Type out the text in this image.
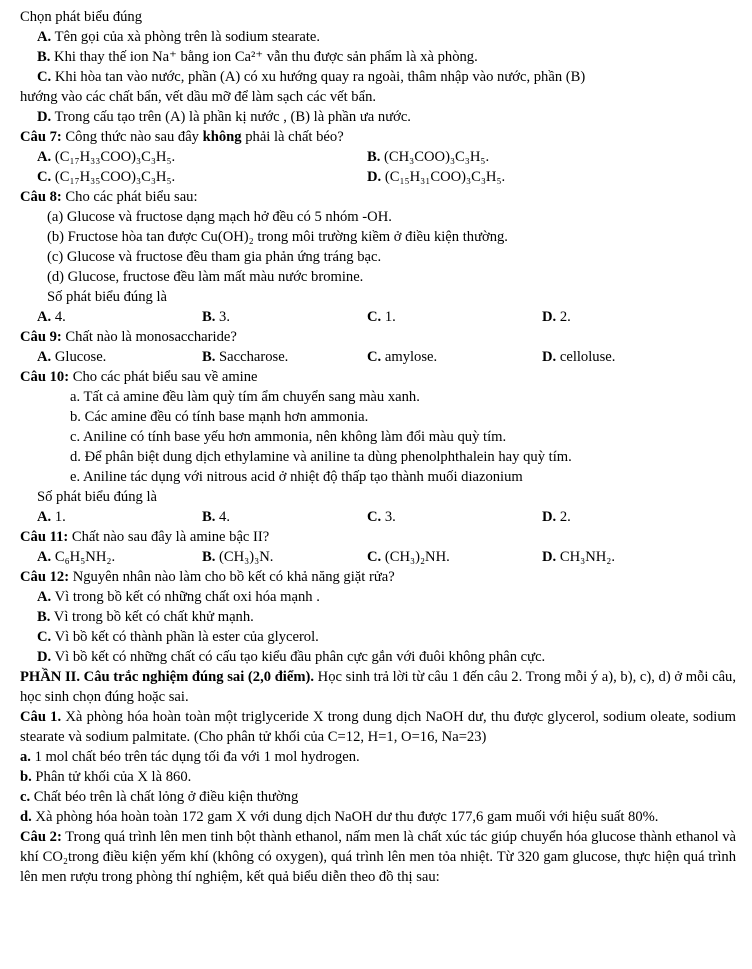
Chọn phát biểu đúng
A. Tên gọi của xà phòng trên là sodium stearate.
B. Khi thay thế ion Na⁺ bằng ion Ca²⁺ vẫn thu được sản phẩm là xà phòng.
C. Khi hòa tan vào nước, phần (A) có xu hướng quay ra ngoài, thâm nhập vào nước, phần (B)
hướng vào các chất bẩn, vết dầu mỡ để làm sạch các vết bẩn.
D. Trong cấu tạo trên (A) là phần kị nước , (B) là phần ưa nước.
Câu 7: Công thức nào sau đây không phải là chất béo?
A. (C₁₇H₃₃COO)₃C₃H₅.	B. (CH₃COO)₃C₃H₅.
C. (C₁₇H₃₅COO)₃C₃H₅.	D. (C₁₅H₃₁COO)₃C₃H₅.
Câu 8: Cho các phát biểu sau:
(a) Glucose và fructose dạng mạch hở đều có 5 nhóm -OH.
(b) Fructose hòa tan được Cu(OH)₂ trong môi trường kiềm ở điều kiện thường.
(c) Glucose và fructose đều tham gia phản ứng tráng bạc.
(d) Glucose, fructose đều làm mất màu nước bromine.
Số phát biểu đúng là
A. 4.	B. 3.	C. 1.	D. 2.
Câu 9: Chất nào là monosaccharide?
A. Glucose.	B. Saccharose.	C. amylose.	D. celloluse.
Câu 10: Cho các phát biểu sau về amine
a. Tất cả amine đều làm quỳ tím ẩm chuyển sang màu xanh.
b. Các amine đều có tính base mạnh hơn ammonia.
c. Aniline có tính base yếu hơn ammonia, nên không làm đổi màu quỳ tím.
d. Để phân biệt dung dịch ethylamine và aniline ta dùng phenolphthalein hay quỳ tím.
e. Aniline tác dụng với nitrous acid ở nhiệt độ thấp tạo thành muối diazonium
Số phát biểu đúng là
A. 1.	B. 4.	C. 3.	D. 2.
Câu 11: Chất nào sau đây là amine bậc II?
A. C₆H₅NH₂.	B. (CH₃)₃N.	C. (CH₃)₂NH.	D. CH₃NH₂.
Câu 12: Nguyên nhân nào làm cho bồ kết có khả năng giặt rửa?
A. Vì trong bồ kết có những chất oxi hóa mạnh .
B. Vì trong bồ kết có chất khử mạnh.
C. Vì bồ kết có thành phần là ester của glycerol.
D. Vì bồ kết có những chất có cấu tạo kiểu đầu phân cực gắn với đuôi không phân cực.
PHẦN II. Câu trắc nghiệm đúng sai (2,0 điểm). Học sinh trả lời từ câu 1 đến câu 2. Trong mỗi ý a), b), c), d) ở mỗi câu, học sinh chọn đúng hoặc sai.
Câu 1. Xà phòng hóa hoàn toàn một triglyceride X trong dung dịch NaOH dư, thu được glycerol, sodium oleate, sodium stearate và sodium palmitate. (Cho phân tử khối của C=12, H=1, O=16, Na=23)
a. 1 mol chất béo trên tác dụng tối đa với 1 mol hydrogen.
b. Phân tử khối của X là 860.
c. Chất béo trên là chất lỏng ở điều kiện thường
d. Xà phòng hóa hoàn toàn 172 gam X với dung dịch NaOH dư thu được 177,6 gam muối với hiệu suất 80%.
Câu 2: Trong quá trình lên men tinh bột thành ethanol, nấm men là chất xúc tác giúp chuyển hóa glucose thành ethanol và khí CO₂trong điều kiện yếm khí (không có oxygen), quá trình lên men tỏa nhiệt. Từ 320 gam glucose, thực hiện quá trình lên men rượu trong phòng thí nghiệm, kết quả biểu diễn theo đồ thị sau:
